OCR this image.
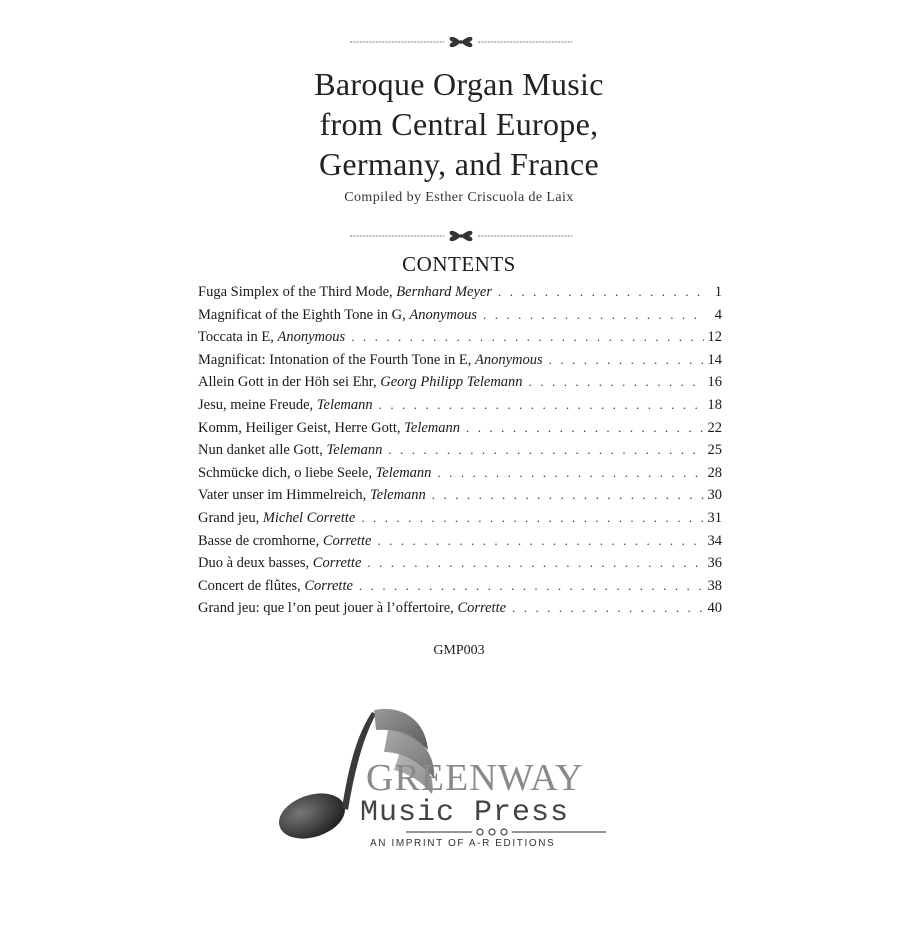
Baroque Organ Music
from Central Europe,
Germany, and France
Compiled by Esther Criscuola de Laix
CONTENTS
Fuga Simplex of the Third Mode, Bernhard Meyer . . .	1
Magnificat of the Eighth Tone in G, Anonymous . . .	4
Toccata in E, Anonymous . . .	12
Magnificat: Intonation of the Fourth Tone in E, Anonymous . . .	14
Allein Gott in der Höh sei Ehr, Georg Philipp Telemann . . .	16
Jesu, meine Freude, Telemann . . .	18
Komm, Heiliger Geist, Herre Gott, Telemann . . .	22
Nun danket alle Gott, Telemann . . .	25
Schmücke dich, o liebe Seele, Telemann . . .	28
Vater unser im Himmelreich, Telemann . . .	30
Grand jeu, Michel Corrette . . .	31
Basse de cromhorne, Corrette . . .	34
Duo à deux basses, Corrette . . .	36
Concert de flûtes, Corrette . . .	38
Grand jeu: que l’on peut jouer à l’offertoire, Corrette . . .	40
GMP003
GREENWAY
Music Press
AN IMPRINT OF A-R EDITIONS
